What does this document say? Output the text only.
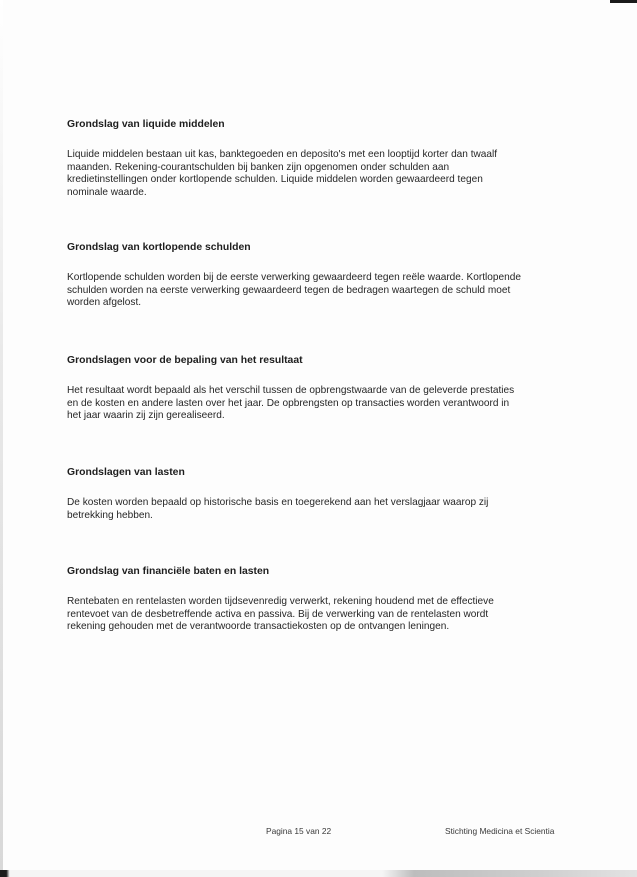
Grondslag van liquide middelen

Liquide middelen bestaan uit kas, banktegoeden en deposito's met een looptijd korter dan twaalf
maanden. Rekening-courantschulden bij banken zijn opgenomen onder schulden aan
kredietinstellingen onder kortlopende schulden. Liquide middelen worden gewaardeerd tegen
nominale waarde.

Grondslag van kortlopende schulden

Kortlopende schulden worden bij de eerste verwerking gewaardeerd tegen reële waarde. Kortlopende
schulden worden na eerste verwerking gewaardeerd tegen de bedragen waartegen de schuld moet
worden afgelost.

Grondslagen voor de bepaling van het resultaat

Het resultaat wordt bepaald als het verschil tussen de opbrengstwaarde van de geleverde prestaties
en de kosten en andere lasten over het jaar. De opbrengsten op transacties worden verantwoord in
het jaar waarin zij zijn gerealiseerd.

Grondslagen van lasten

De kosten worden bepaald op historische basis en toegerekend aan het verslagjaar waarop zij
betrekking hebben.

Grondslag van financiële baten en lasten

Rentebaten en rentelasten worden tijdsevenredig verwerkt, rekening houdend met de effectieve
rentevoet van de desbetreffende activa en passiva. Bij de verwerking van de rentelasten wordt
rekening gehouden met de verantwoorde transactiekosten op de ontvangen leningen.

Pagina 15 van 22	Stichting Medicina et Scientia
